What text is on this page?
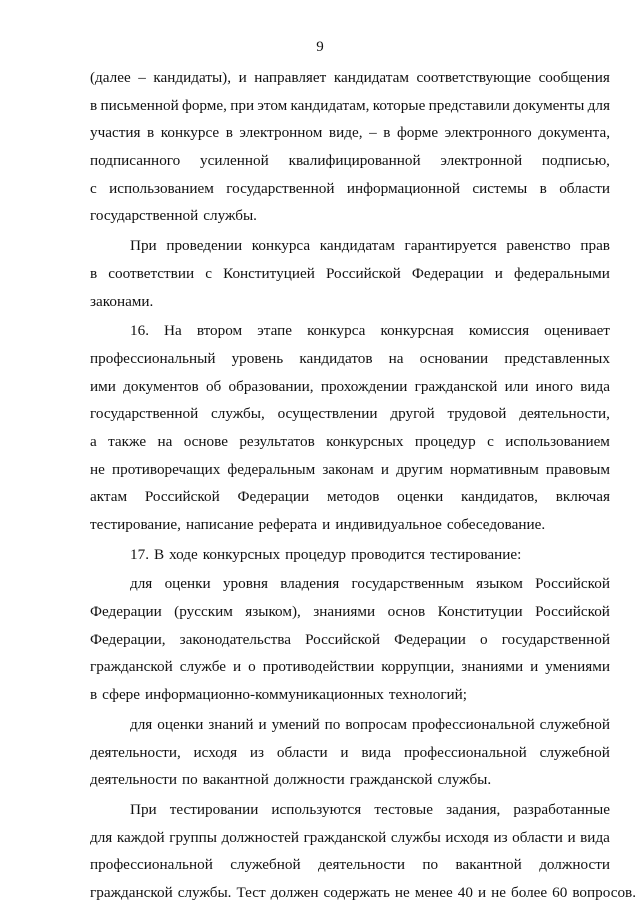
9
(далее – кандидаты), и направляет кандидатам соответствующие сообщения
в письменной форме, при этом кандидатам, которые представили документы для
участия в конкурсе в электронном виде, – в форме электронного документа,
подписанного усиленной квалифицированной электронной подписью,
с использованием государственной информационной системы в области
государственной службы.
При проведении конкурса кандидатам гарантируется равенство прав
в соответствии с Конституцией Российской Федерации и федеральными
законами.
16. На втором этапе конкурса конкурсная комиссия оценивает
профессиональный уровень кандидатов на основании представленных
ими документов об образовании, прохождении гражданской или иного вида
государственной службы, осуществлении другой трудовой деятельности,
а также на основе результатов конкурсных процедур с использованием
не противоречащих федеральным законам и другим нормативным правовым
актам Российской Федерации методов оценки кандидатов, включая
тестирование, написание реферата и индивидуальное собеседование.
17. В ходе конкурсных процедур проводится тестирование:
для оценки уровня владения государственным языком Российской
Федерации (русским языком), знаниями основ Конституции Российской
Федерации, законодательства Российской Федерации о государственной
гражданской службе и о противодействии коррупции, знаниями и умениями
в сфере информационно-коммуникационных технологий;
для оценки знаний и умений по вопросам профессиональной служебной
деятельности, исходя из области и вида профессиональной служебной
деятельности по вакантной должности гражданской службы.
При тестировании используются тестовые задания, разработанные
для каждой группы должностей гражданской службы исходя из области и вида
профессиональной служебной деятельности по вакантной должности
гражданской службы. Тест должен содержать не менее 40 и не более 60 вопросов.
